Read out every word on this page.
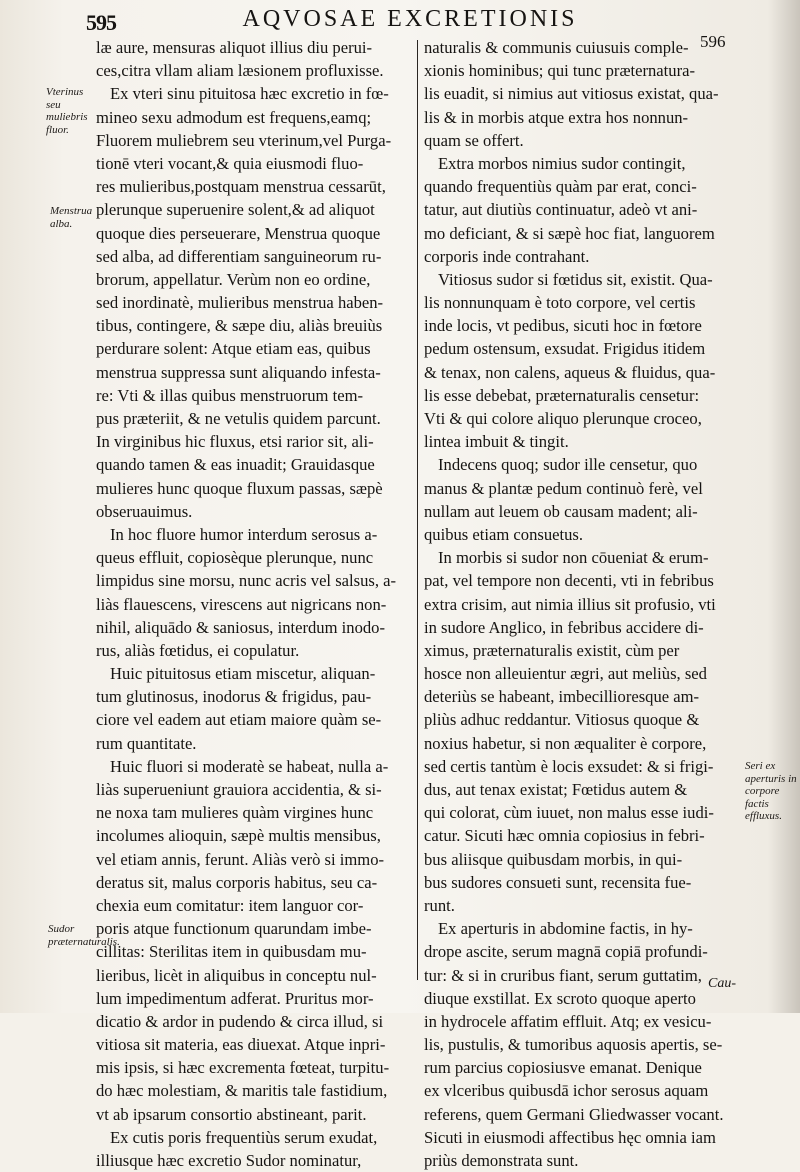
595	AQVOSAE EXCRETIONIS
596
Vterinus seu muliebris fluor.
Menstrua alba.
Sudor præternaturalis.
Seri ex aperturis in corpore factis effluxus.
læ aure, mensuras aliquot illius diu perui-
ces,citra vllam aliam læsionem profluxisse.
Ex vteri sinu pituitosa hæc excretio in fœ-
mineo sexu admodum est frequens,eamq;
Fluorem muliebrem seu vterinum,vel Purga-
tionē vteri vocant,& quia eiusmodi fluo-
res mulieribus,postquam menstrua cessarūt,
plerunque superuenire solent,& ad aliquot
quoque dies perseuerare, Menstrua quoque
sed alba, ad differentiam sanguineorum ru-
brorum, appellatur. Verùm non eo ordine,
sed inordinatè, mulieribus menstrua haben-
tibus, contingere, & sæpe diu, aliàs breuiùs
perdurare solent: Atque etiam eas, quibus
menstrua suppressa sunt aliquando infesta-
re: Vti & illas quibus menstruorum tem-
pus præteriit, & ne vetulis quidem parcunt.
In virginibus hic fluxus, etsi rarior sit, ali-
quando tamen & eas inuadit; Grauidasque
mulieres hunc quoque fluxum passas, sæpè
obseruauimus.
In hoc fluore humor interdum serosus a-
queus effluit, copiosèque plerunque, nunc
limpidus sine morsu, nunc acris vel salsus, a-
liàs flauescens, virescens aut nigricans non-
nihil, aliquādo & saniosus, interdum inodo-
rus, aliàs fœtidus, ei copulatur.
Huic pituitosus etiam miscetur, aliquan-
tum glutinosus, inodorus & frigidus, pau-
ciore vel eadem aut etiam maiore quàm se-
rum quantitate.
Huic fluori si moderatè se habeat, nulla a-
liàs superueniunt grauiora accidentia, & si-
ne noxa tam mulieres quàm virgines hunc
incolumes alioquin, sæpè multis mensibus,
vel etiam annis, ferunt. Aliàs verò si immo-
deratus sit, malus corporis habitus, seu ca-
chexia eum comitatur: item languor cor-
poris atque functionum quarundam imbe-
cillitas: Sterilitas item in quibusdam mu-
lieribus, licèt in aliquibus in conceptu nul-
lum impedimentum adferat. Pruritus mor-
dicatio & ardor in pudendo & circa illud, si
vitiosa sit materia, eas diuexat. Atque inpri-
mis ipsis, si hæc excrementa fœteat, turpitu-
do hæc molestiam, & maritis tale fastidium,
vt ab ipsarum consortio abstineant, parit.
Ex cutis poris frequentiùs serum exudat,
illiusque hæc excretio Sudor nominatur,
naturalis & communis cuiusuis comple-
xionis hominibus; qui tunc præternatura-
lis euadit, si nimius aut vitiosus existat, qua-
lis & in morbis atque extra hos nonnun-
quam se offert.
Extra morbos nimius sudor contingit,
quando frequentiùs quàm par erat, conci-
tatur, aut diutiùs continuatur, adeò vt ani-
mo deficiant, & si sæpè hoc fiat, languorem
corporis inde contrahant.
Vitiosus sudor si fœtidus sit, existit. Qua-
lis nonnunquam è toto corpore, vel certis
inde locis, vt pedibus, sicuti hoc in fœtore
pedum ostensum, exsudat. Frigidus itidem
& tenax, non calens, aqueus & fluidus, qua-
lis esse debebat, præternaturalis censetur:
Vti & qui colore aliquo plerunque croceo,
lintea imbuit & tingit.
Indecens quoq; sudor ille censetur, quo
manus & plantæ pedum continuò ferè, vel
nullam aut leuem ob causam madent; ali-
quibus etiam consuetus.
In morbis si sudor non cōueniat & erum-
pat, vel tempore non decenti, vti in febribus
extra crisim, aut nimia illius sit profusio, vti
in sudore Anglico, in febribus accidere di-
ximus, præternaturalis existit, cùm per
hosce non alleuientur ægri, aut meliùs, sed
deteriùs se habeant, imbecillioresque am-
pliùs adhuc reddantur. Vitiosus quoque &
noxius habetur, si non æqualiter è corpore,
sed certis tantùm è locis exsudet: & si frigi-
dus, aut tenax existat; Fœtidus autem &
qui colorat, cùm iuuet, non malus esse iudi-
catur. Sicuti hæc omnia copiosius in febri-
bus aliisque quibusdam morbis, in qui-
bus sudores consueti sunt, recensita fue-
runt.
Ex aperturis in abdomine factis, in hy-
drope ascite, serum magnā copiā profundi-
tur: & si in cruribus fiant, serum guttatim,
diuque exstillat. Ex scroto quoque aperto
in hydrocele affatim effluit. Atq; ex vesicu-
lis, pustulis, & tumoribus aquosis apertis, se-
rum parcius copiosiusve emanat. Denique
ex vlceribus quibusdā ichor serosus aquam
referens, quem Germani Gliedwasser vocant.
Sicuti in eiusmodi affectibus hęc omnia iam
priùs demonstrata sunt.
Cau-
